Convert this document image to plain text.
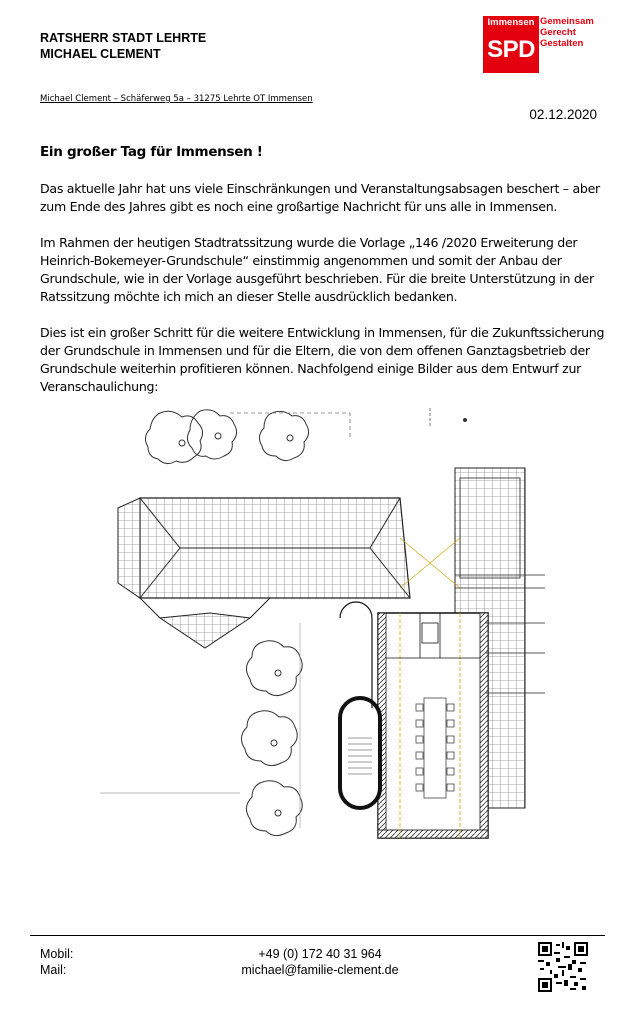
RATSHERR STADT LEHRTE
MICHAEL CLEMENT
Immensen
SPD
Gemeinsam
Gerecht
Gestalten
Michael Clement – Schäferweg 5a – 31275 Lehrte OT Immensen
02.12.2020
Ein großer Tag für Immensen !

Das aktuelle Jahr hat uns viele Einschränkungen und Veranstaltungsabsagen beschert – aber zum Ende des Jahres gibt es noch eine großartige Nachricht für uns alle in Immensen.

Im Rahmen der heutigen Stadtratssitzung wurde die Vorlage „146 /2020 Erweiterung der Heinrich-Bokemeyer-Grundschule“ einstimmig angenommen und somit der Anbau der Grundschule, wie in der Vorlage ausgeführt beschrieben. Für die breite Unterstützung in der Ratssitzung möchte ich mich an dieser Stelle ausdrücklich bedanken.

Dies ist ein großer Schritt für die weitere Entwicklung in Immensen, für die Zukunftssicherung der Grundschule in Immensen und für die Eltern, die von dem offenen Ganztagsbetrieb der Grundschule weiterhin profitieren können. Nachfolgend einige Bilder aus dem Entwurf zur Veranschaulichung:

Mobil:
Mail:
+49 (0) 172 40 31 964
michael@familie-clement.de
